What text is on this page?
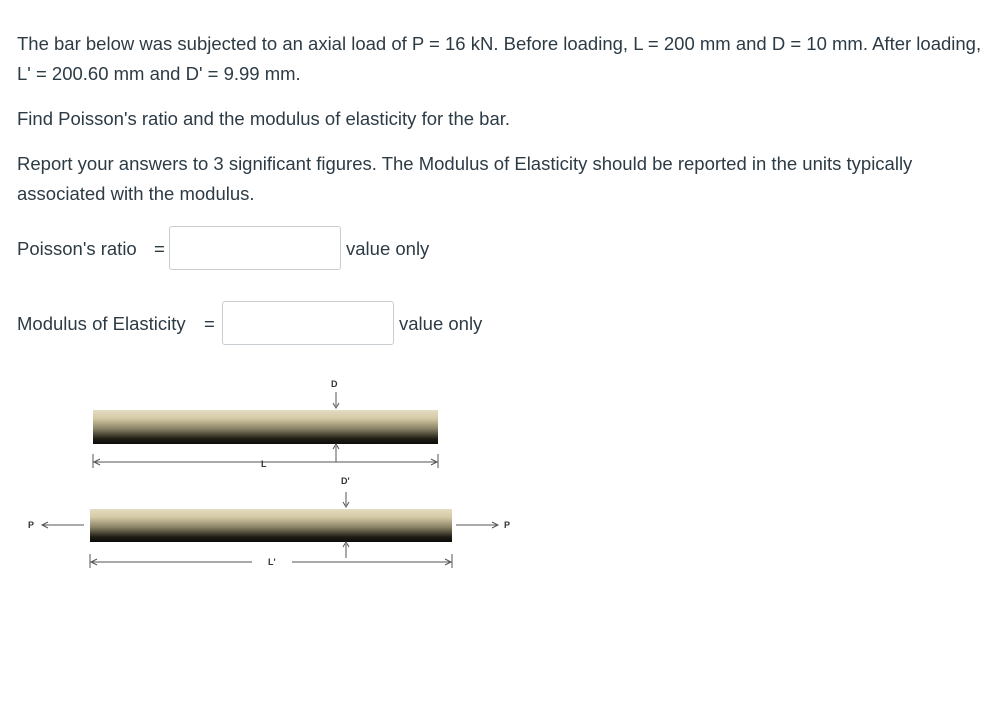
The bar below was subjected to an axial load of P = 16 kN. Before loading, L = 200 mm and D = 10 mm. After loading, L' = 200.60 mm and D' = 9.99 mm.

Find Poisson's ratio and the modulus of elasticity for the bar.

Report your answers to 3 significant figures. The Modulus of Elasticity should be reported in the units typically associated with the modulus.

Poisson's ratio =	value only
Modulus of Elasticity =	value only
D
L
D'
P	P
L'
